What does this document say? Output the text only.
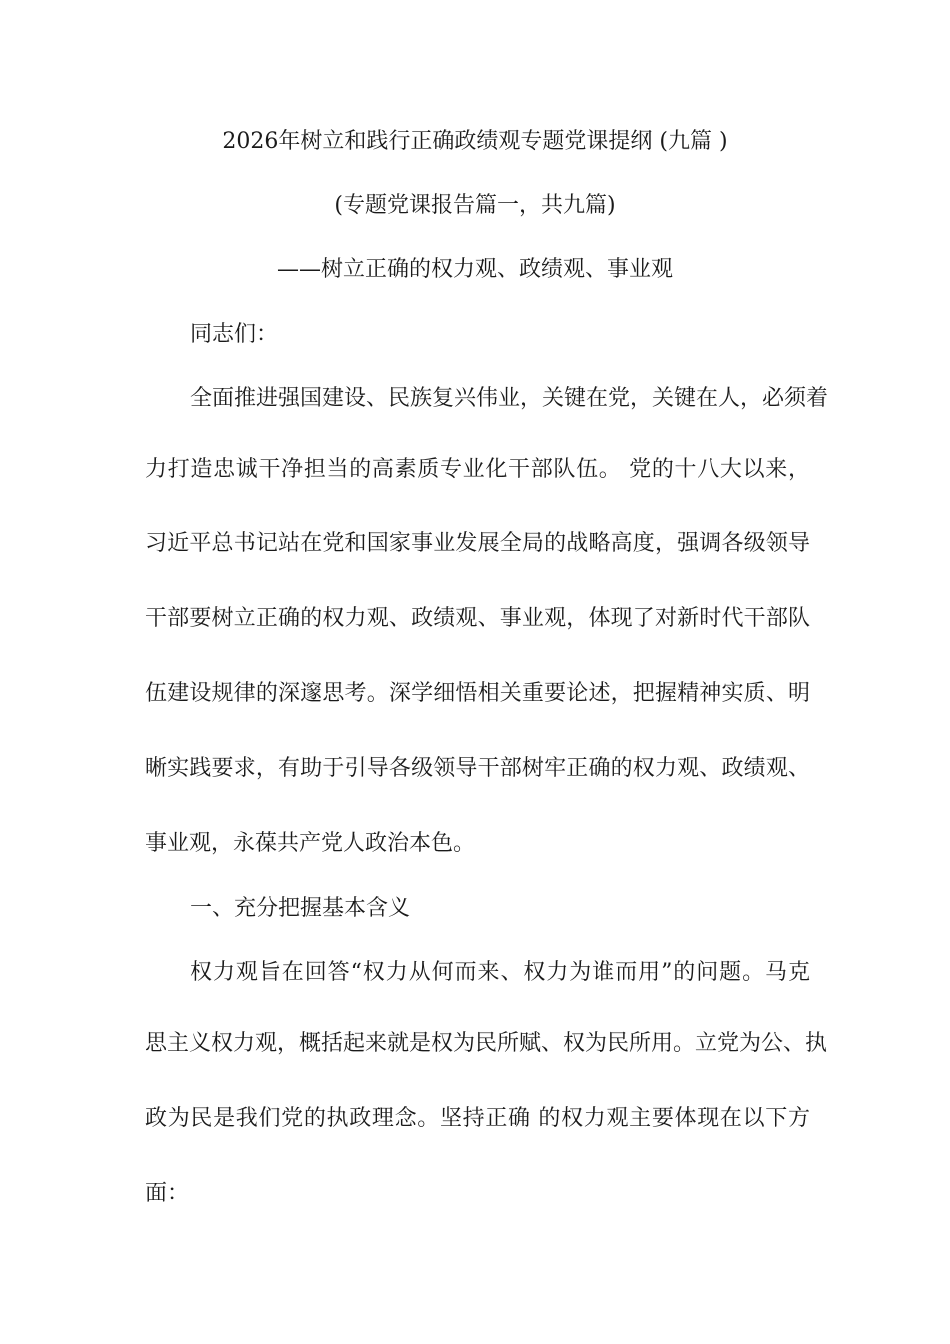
2026年树立和践行正确政绩观专题党课提纲 (九篇 )
(专题党课报告篇一，共九篇)
——树立正确的权力观、政绩观、事业观
同志们：
全面推进强国建设、民族复兴伟业，关键在党，关键在人，必须着
力打造忠诚干净担当的高素质专业化干部队伍。 党的十八大以来，
习近平总书记站在党和国家事业发展全局的战略高度，强调各级领导
干部要树立正确的权力观、政绩观、事业观，体现了对新时代干部队
伍建设规律的深邃思考。深学细悟相关重要论述，把握精神实质、明
晰实践要求，有助于引导各级领导干部树牢正确的权力观、政绩观、
事业观，永葆共产党人政治本色。
一、充分把握基本含义
权力观旨在回答“权力从何而来、权力为谁而用”的问题。马克
思主义权力观，概括起来就是权为民所赋、权为民所用。立党为公、执
政为民是我们党的执政理念。坚持正确 的权力观主要体现在以下方
面：
